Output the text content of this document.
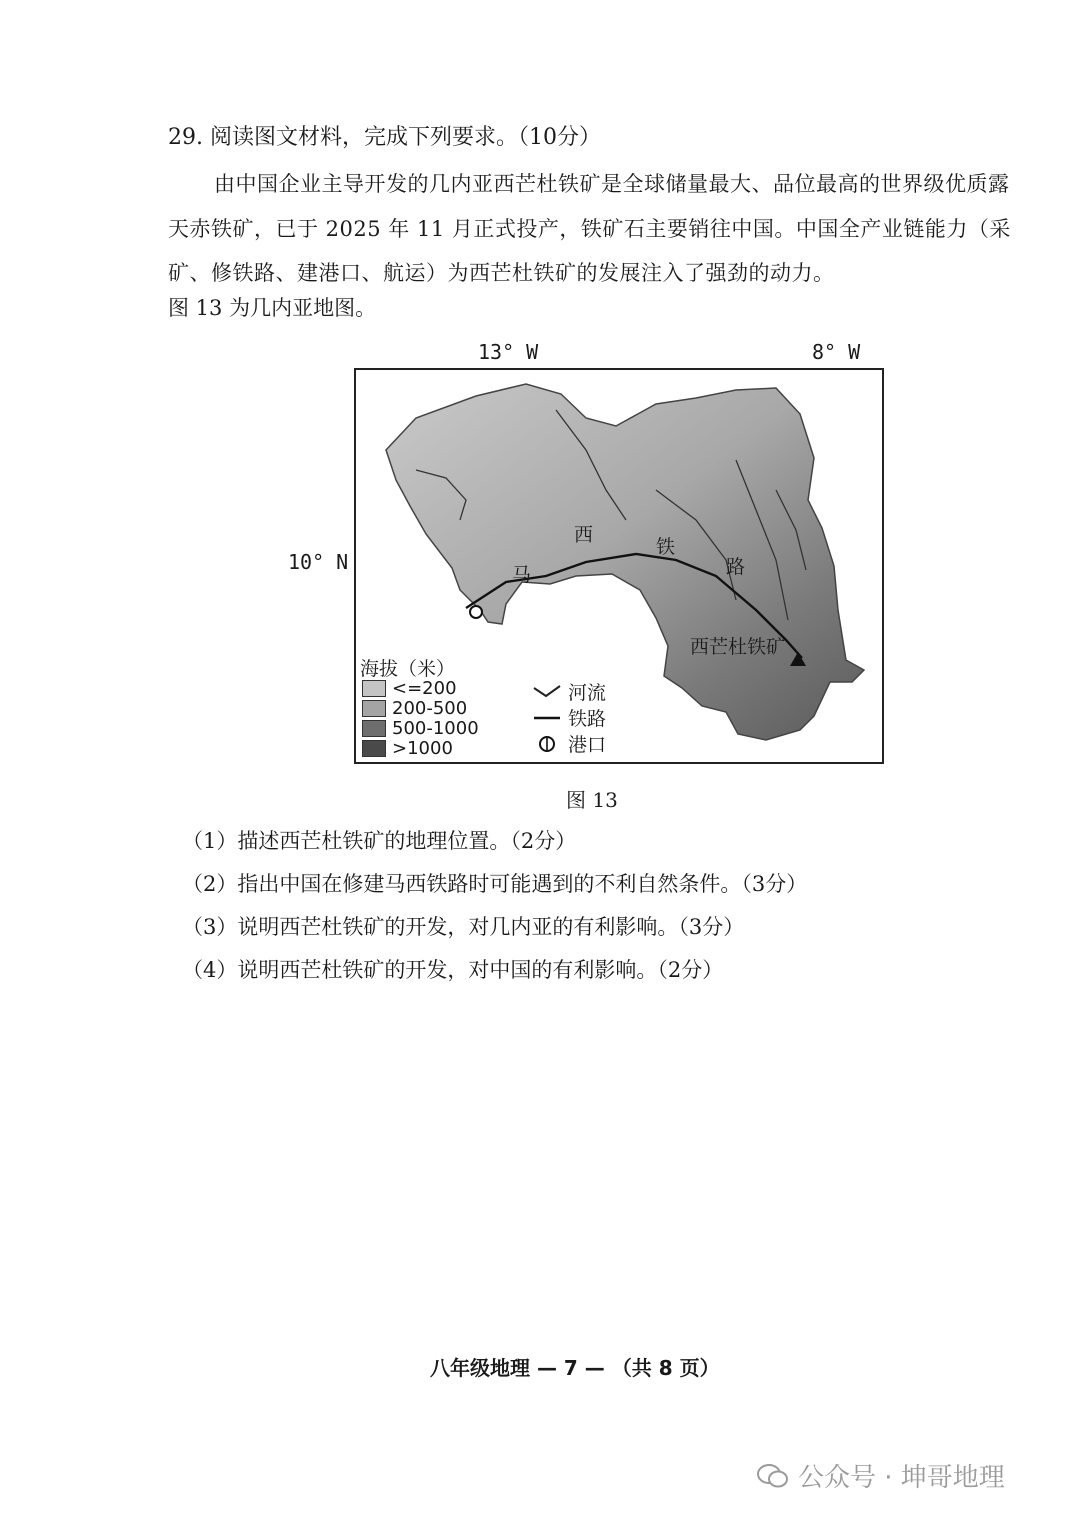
29. 阅读图文材料，完成下列要求。（10分）
由中国企业主导开发的几内亚西芒杜铁矿是全球储量最大、品位最高的世界级优质露天赤铁矿，已于 2025 年 11 月正式投产，铁矿石主要销往中国。中国全产业链能力（采矿、修铁路、建港口、航运）为西芒杜铁矿的发展注入了强劲的动力。
图 13 为几内亚地图。
13° W	8° W
10° N
海拔（米）
<=200
200-500
500-1000
>1000
河流
铁路
港口
马
西
铁
路
西芒杜铁矿
图 13
（1）描述西芒杜铁矿的地理位置。（2分）
（2）指出中国在修建马西铁路时可能遇到的不利自然条件。（3分）
（3）说明西芒杜铁矿的开发，对几内亚的有利影响。（3分）
（4）说明西芒杜铁矿的开发，对中国的有利影响。（2分）
八年级地理 — 7 — （共 8 页）
公众号 · 坤哥地理
